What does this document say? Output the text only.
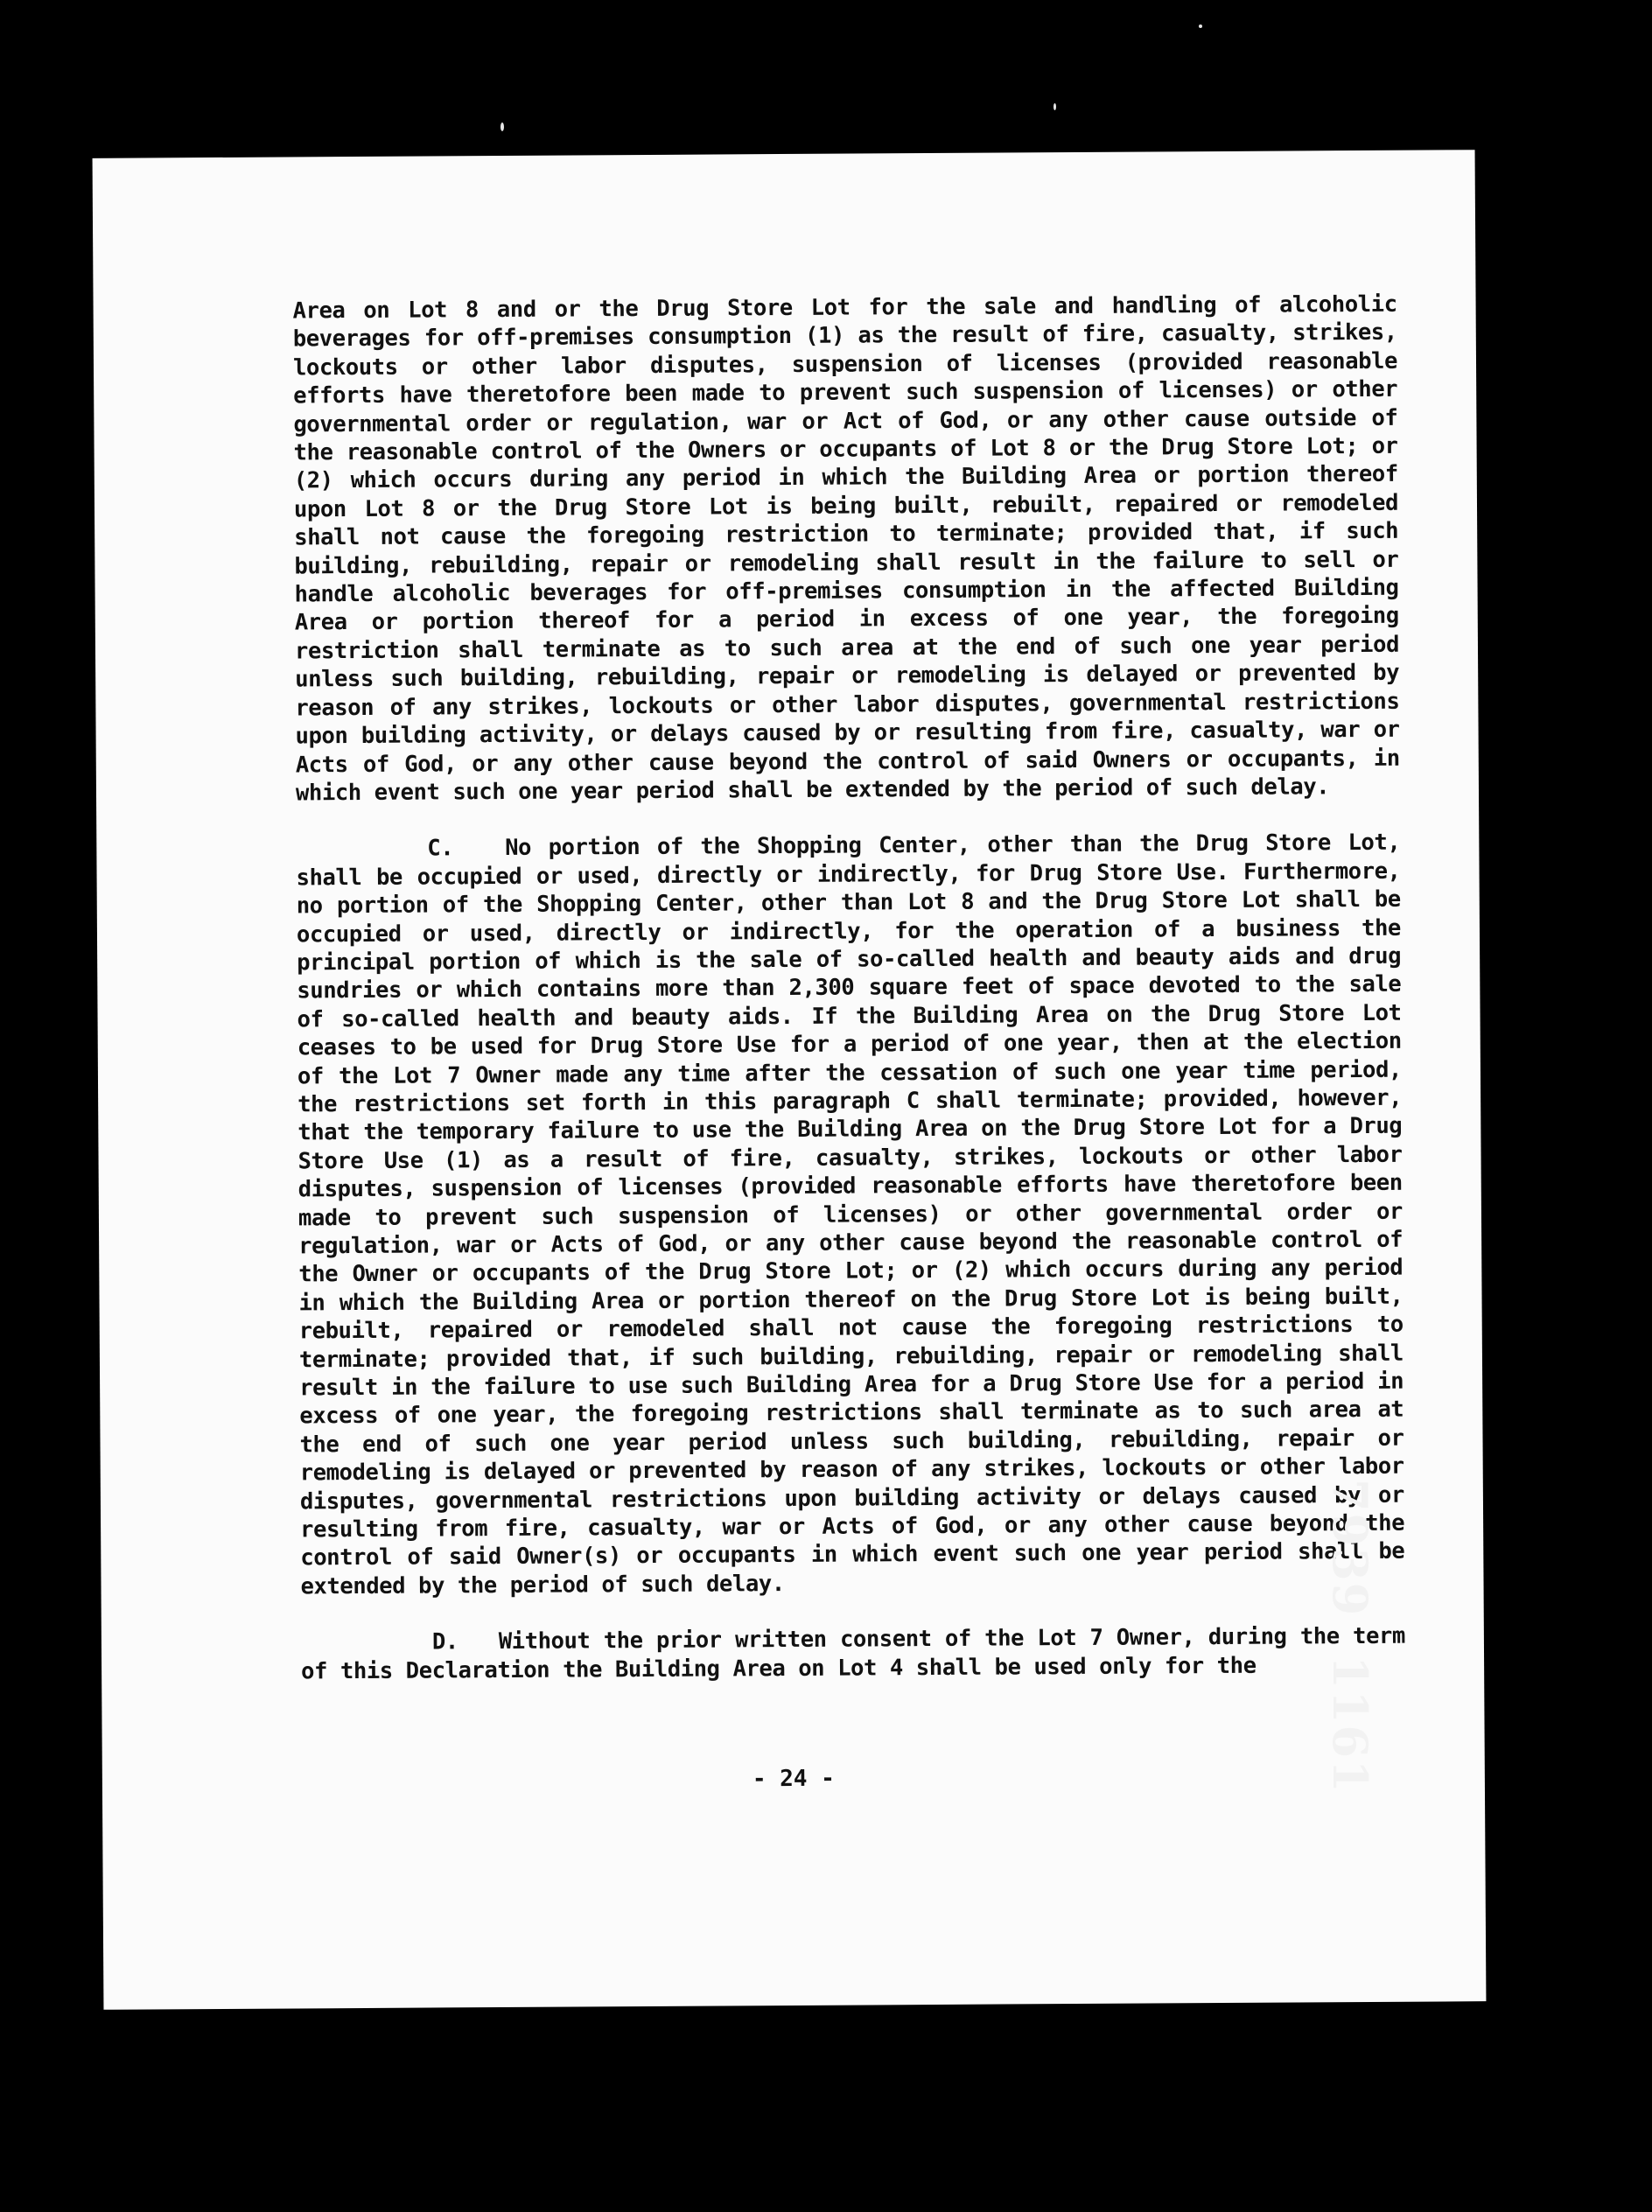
Area on Lot 8 and or the Drug Store Lot for the sale and handling of alcoholic beverages for off-premises consumption (1) as the result of fire, casualty, strikes, lockouts or other labor disputes, suspension of licenses (provided reasonable efforts have theretofore been made to prevent such suspension of licenses) or other governmental order or regulation, war or Act of God, or any other cause outside of the reasonable control of the Owners or occupants of Lot 8 or the Drug Store Lot; or (2) which occurs during any period in which the Building Area or portion thereof upon Lot 8 or the Drug Store Lot is being built, rebuilt, repaired or remodeled shall not cause the foregoing restriction to terminate; provided that, if such building, rebuilding, repair or remodeling shall result in the failure to sell or handle alcoholic beverages for off-premises consumption in the affected Building Area or portion thereof for a period in excess of one year, the foregoing restriction shall terminate as to such area at the end of such one year period unless such building, rebuilding, repair or remodeling is delayed or prevented by reason of any strikes, lockouts or other labor disputes, governmental restrictions upon building activity, or delays caused by or resulting from fire, casualty, war or Acts of God, or any other cause beyond the control of said Owners or occupants, in which event such one year period shall be extended by the period of such delay.

C. No portion of the Shopping Center, other than the Drug Store Lot, shall be occupied or used, directly or indirectly, for Drug Store Use. Furthermore, no portion of the Shopping Center, other than Lot 8 and the Drug Store Lot shall be occupied or used, directly or indirectly, for the operation of a business the principal portion of which is the sale of so-called health and beauty aids and drug sundries or which contains more than 2,300 square feet of space devoted to the sale of so-called health and beauty aids. If the Building Area on the Drug Store Lot ceases to be used for Drug Store Use for a period of one year, then at the election of the Lot 7 Owner made any time after the cessation of such one year time period, the restrictions set forth in this paragraph C shall terminate; provided, however, that the temporary failure to use the Building Area on the Drug Store Lot for a Drug Store Use (1) as a result of fire, casualty, strikes, lockouts or other labor disputes, suspension of licenses (provided reasonable efforts have theretofore been made to prevent such suspension of licenses) or other governmental order or regulation, war or Acts of God, or any other cause beyond the reasonable control of the Owner or occupants of the Drug Store Lot; or (2) which occurs during any period in which the Building Area or portion thereof on the Drug Store Lot is being built, rebuilt, repaired or remodeled shall not cause the foregoing restrictions to terminate; provided that, if such building, rebuilding, repair or remodeling shall result in the failure to use such Building Area for a Drug Store Use for a period in excess of one year, the foregoing restrictions shall terminate as to such area at the end of such one year period unless such building, rebuilding, repair or remodeling is delayed or prevented by reason of any strikes, lockouts or other labor disputes, governmental restrictions upon building activity or delays caused by or resulting from fire, casualty, war or Acts of God, or any other cause beyond the control of said Owner(s) or occupants in which event such one year period shall be extended by the period of such delay.

D. Without the prior written consent of the Lot 7 Owner, during the term of this Declaration the Building Area on Lot 4 shall be used only for the

- 24 -
79391161
